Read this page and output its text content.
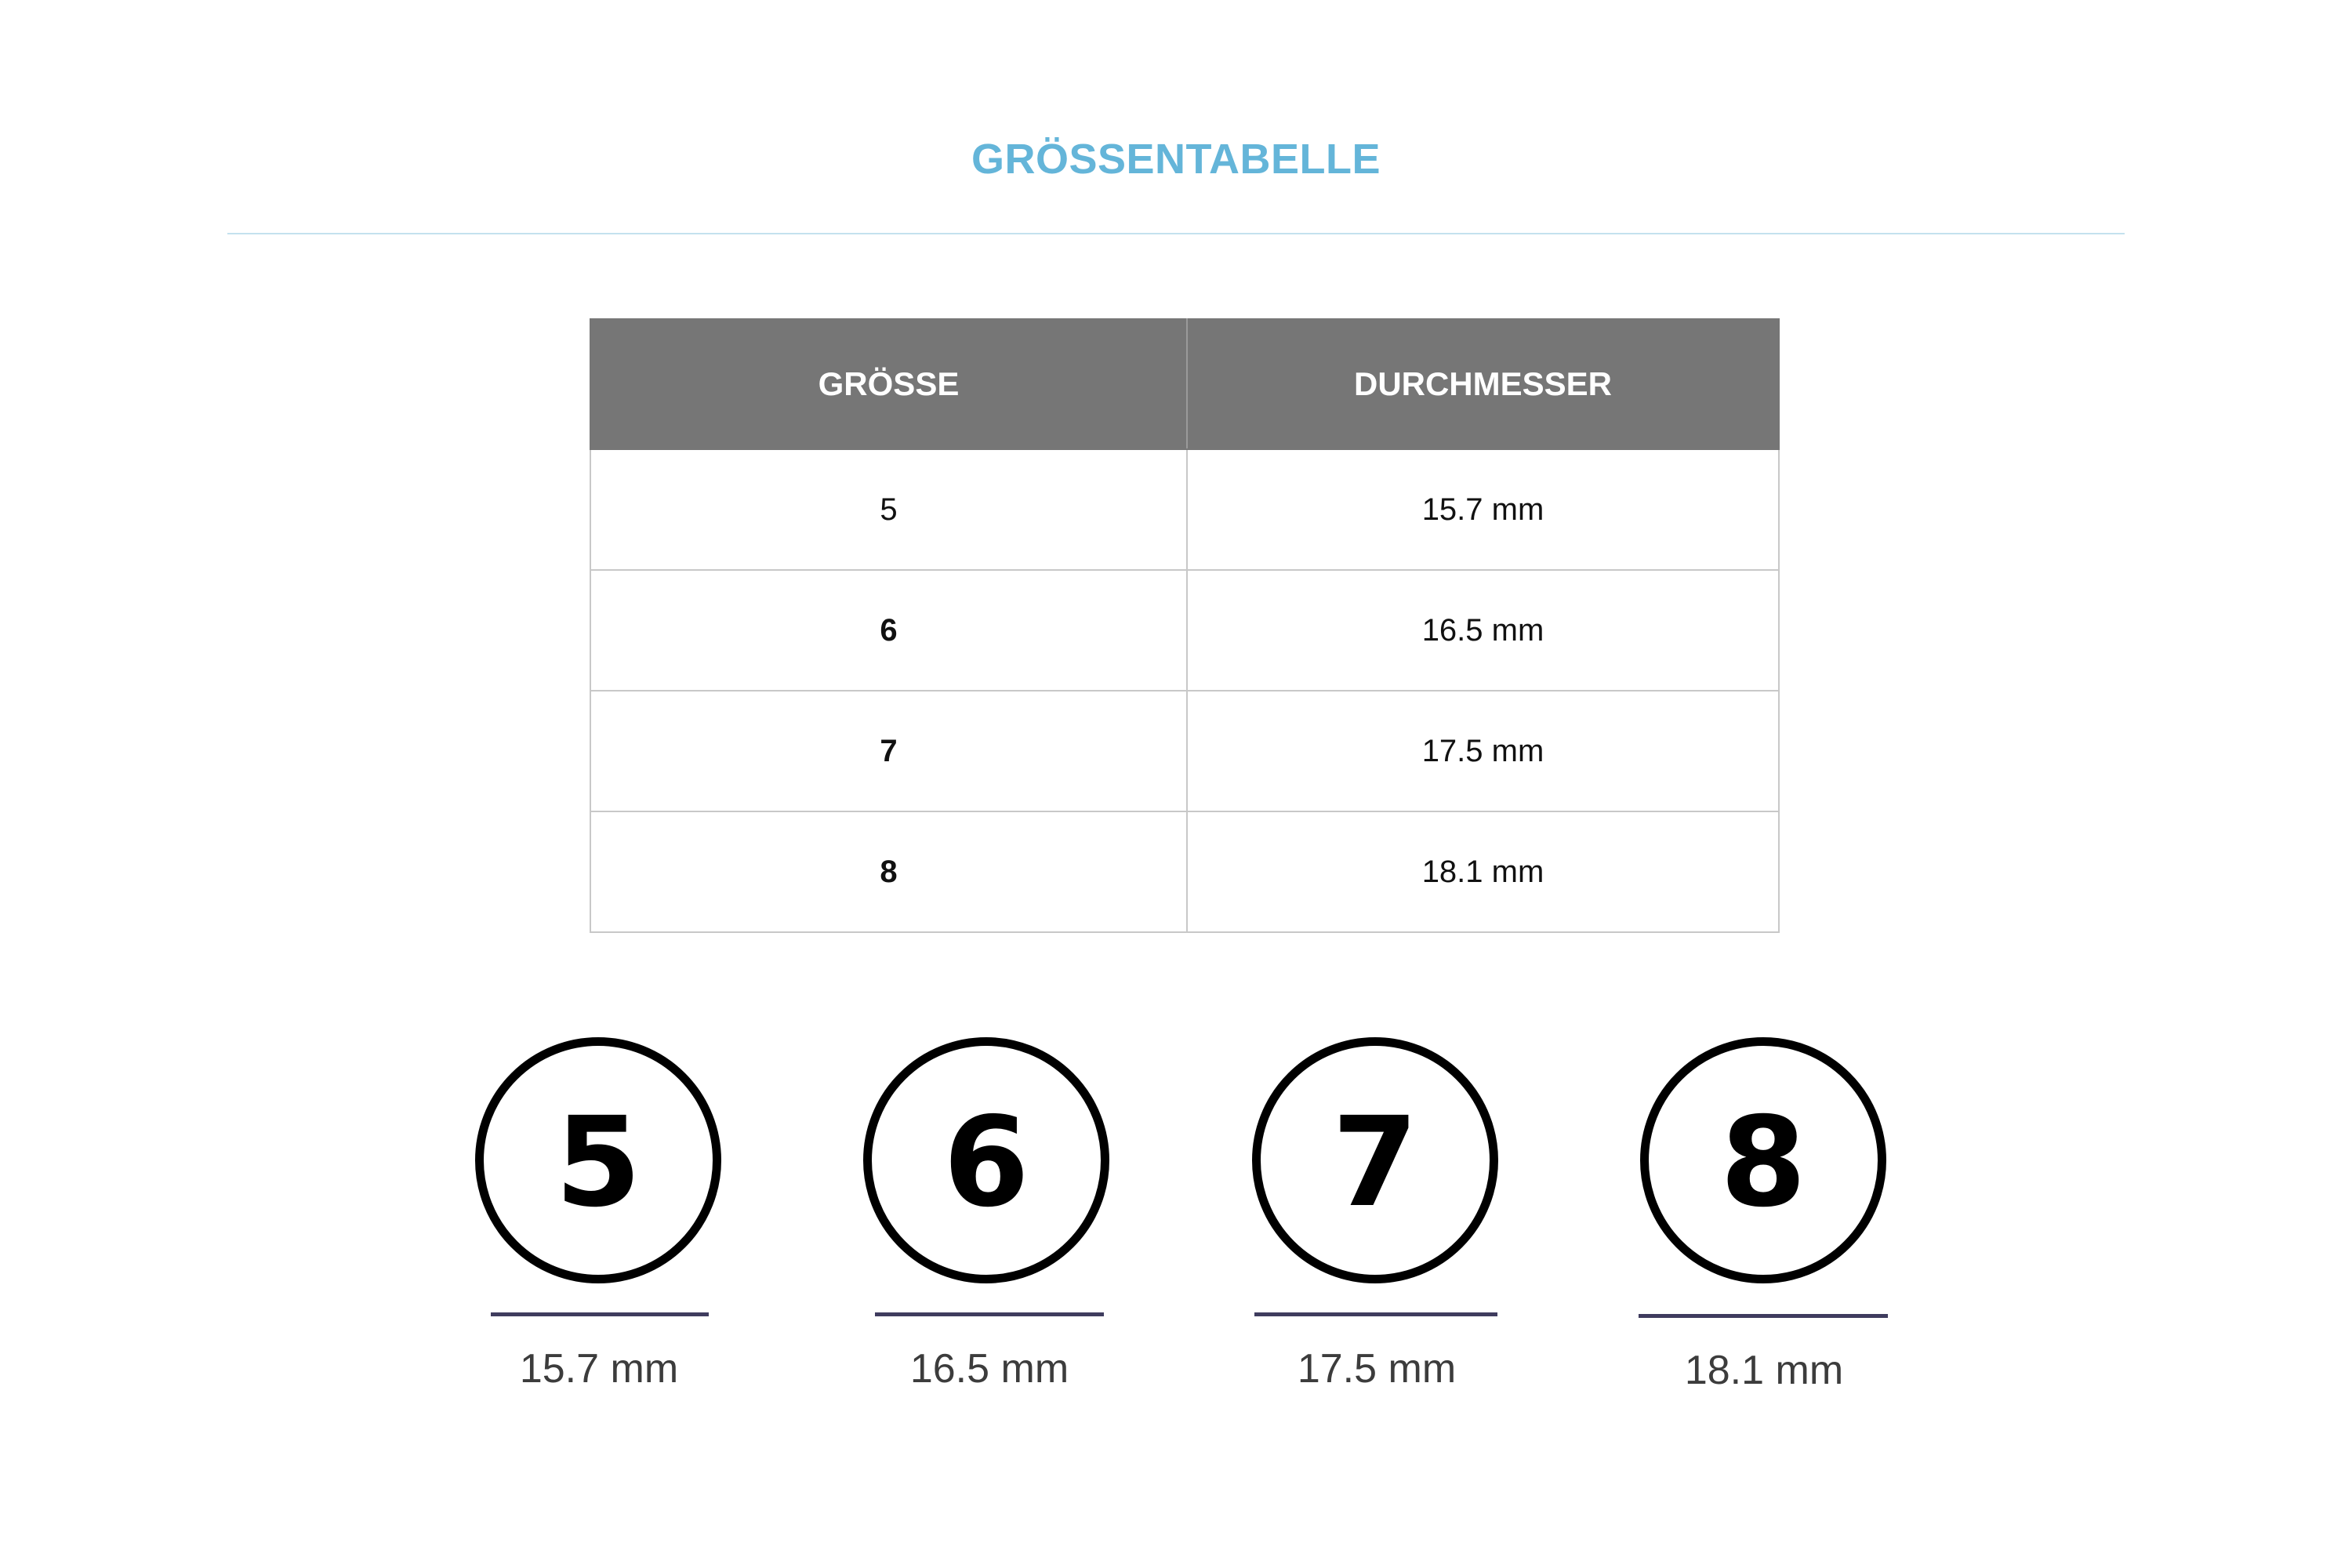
GRÖSSENTABELLE
GRÖSSE	DURCHMESSER
5	15.7 mm
6	16.5 mm
7	17.5 mm
8	18.1 mm
5
15.7 mm
6
16.5 mm
7
17.5 mm
8
18.1 mm
